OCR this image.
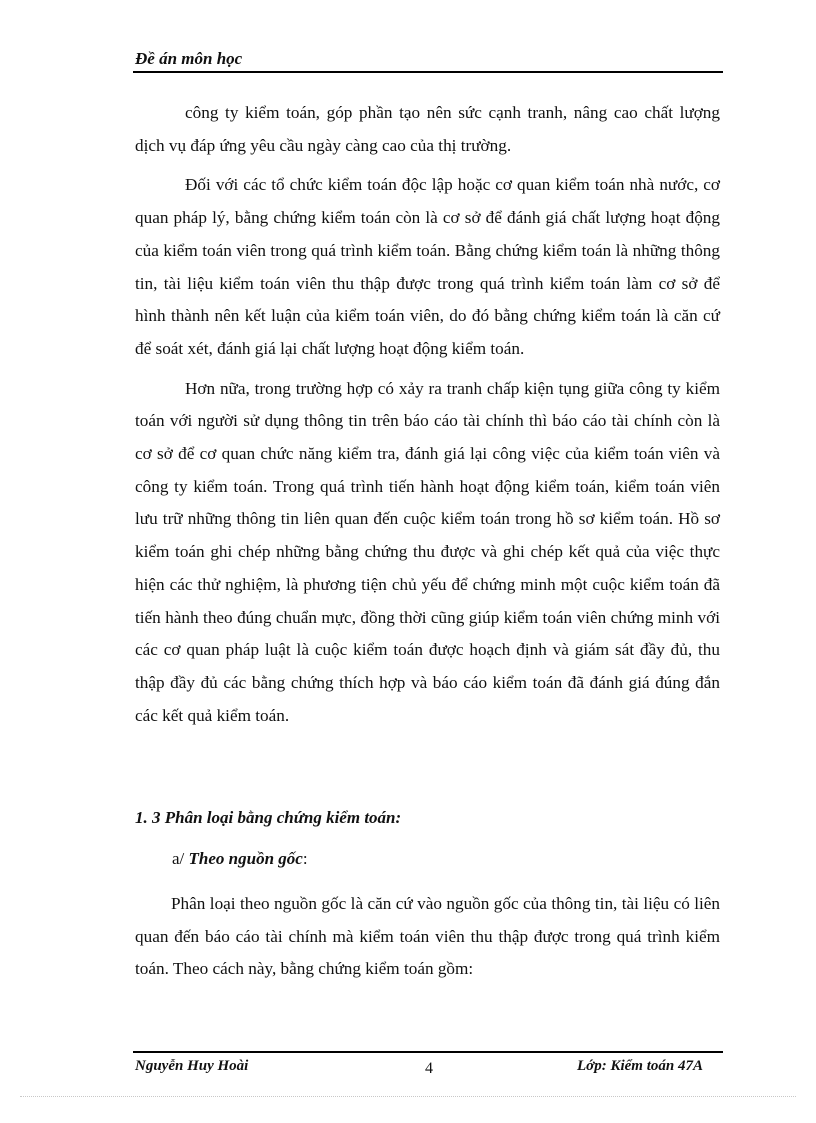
Đề án môn học

công ty kiểm toán, góp phần tạo nên sức cạnh tranh, nâng cao chất lượng dịch vụ đáp ứng yêu cầu ngày càng cao của thị trường.

Đối với các tổ chức kiểm toán độc lập hoặc cơ quan kiểm toán nhà nước, cơ quan pháp lý, bằng chứng kiểm toán còn là cơ sở để đánh giá chất lượng hoạt động của kiểm toán viên trong quá trình kiểm toán. Bằng chứng kiểm toán là những thông tin, tài liệu kiểm toán viên thu thập được trong quá trình kiểm toán làm cơ sở để hình thành nên kết luận của kiểm toán viên, do đó bằng chứng kiểm toán là căn cứ để soát xét, đánh giá lại chất lượng hoạt động kiểm toán.

Hơn nữa, trong trường hợp có xảy ra tranh chấp kiện tụng giữa công ty kiểm toán với người sử dụng thông tin trên báo cáo tài chính thì báo cáo tài chính còn là cơ sở để cơ quan chức năng kiểm tra, đánh giá lại công việc của kiểm toán viên và công ty kiểm toán. Trong quá trình tiến hành hoạt động kiểm toán, kiểm toán viên lưu trữ những thông tin liên quan đến cuộc kiểm toán trong hồ sơ kiểm toán. Hồ sơ kiểm toán ghi chép những bằng chứng thu được và ghi chép kết quả của việc thực hiện các thử nghiệm, là phương tiện chủ yếu để chứng minh một cuộc kiểm toán đã tiến hành theo đúng chuẩn mực, đồng thời cũng giúp kiểm toán viên chứng minh với các cơ quan pháp luật là cuộc kiểm toán được hoạch định và giám sát đầy đủ, thu thập đầy đủ các bằng chứng thích hợp và báo cáo kiểm toán đã đánh giá đúng đắn các kết quả kiểm toán.

1. 3 Phân loại bằng chứng kiểm toán:
a/ Theo nguồn gốc:

Phân loại theo nguồn gốc là căn cứ vào nguồn gốc của thông tin, tài liệu có liên quan đến báo cáo tài chính mà kiểm toán viên thu thập được trong quá trình kiểm toán. Theo cách này, bằng chứng kiểm toán gồm:

Nguyễn Huy Hoài	4	Lớp: Kiểm toán 47A
